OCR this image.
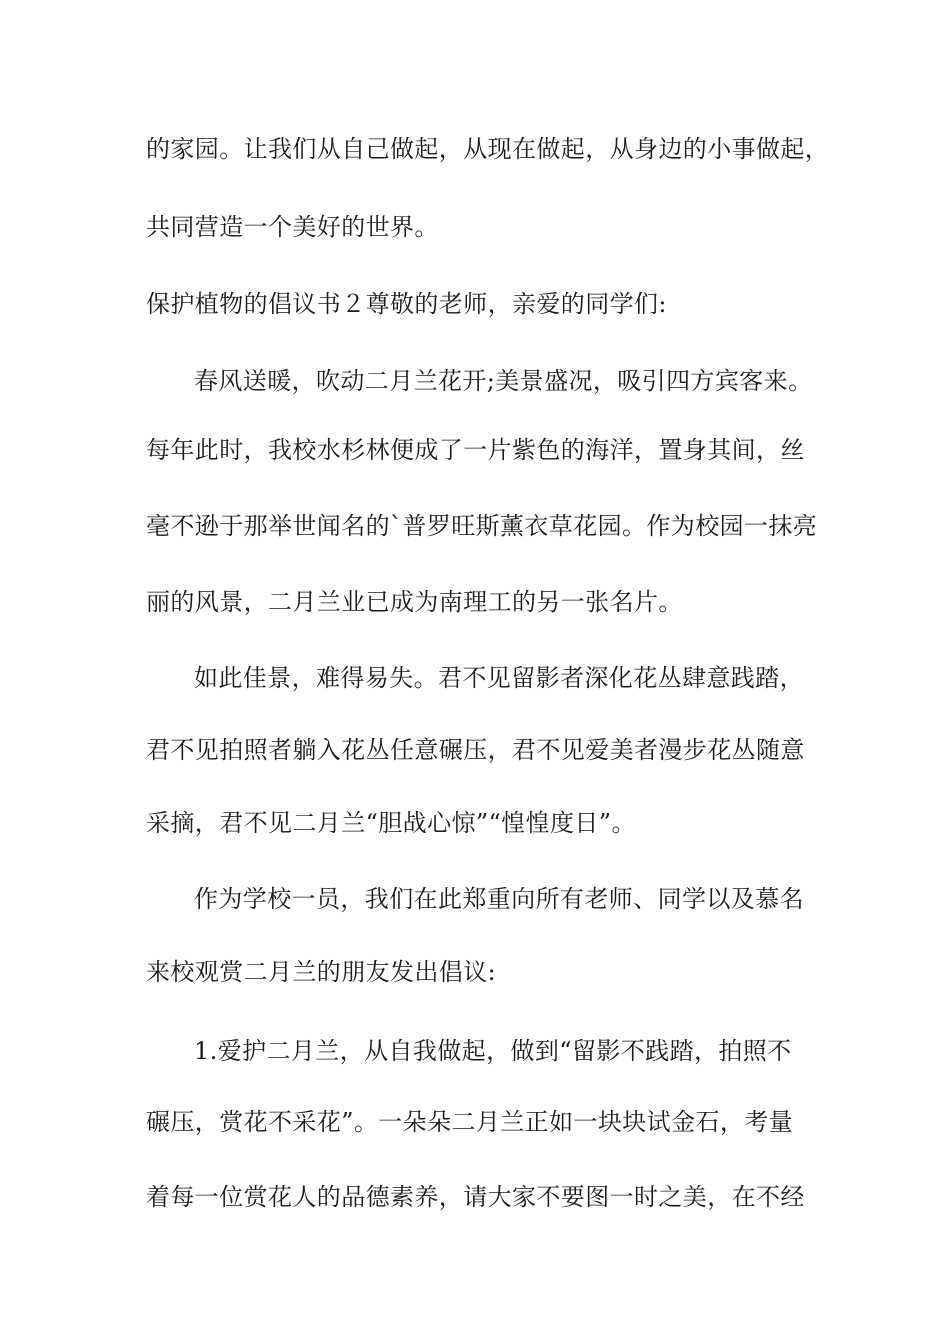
的家园。让我们从自己做起，从现在做起，从身边的小事做起，
共同营造一个美好的世界。
保护植物的倡议书２尊敬的老师，亲爱的同学们:
春风送暖，吹动二月兰花开;美景盛况，吸引四方宾客来。
每年此时，我校水杉林便成了一片紫色的海洋，置身其间，丝
毫不逊于那举世闻名的`普罗旺斯薰衣草花园。作为校园一抹亮
丽的风景，二月兰业已成为南理工的另一张名片。
如此佳景，难得易失。君不见留影者深化花丛肆意践踏，
君不见拍照者躺入花丛任意碾压，君不见爱美者漫步花丛随意
采摘，君不见二月兰“胆战心惊”“惶惶度日”。
作为学校一员，我们在此郑重向所有老师、同学以及慕名
来校观赏二月兰的朋友发出倡议:
1.爱护二月兰，从自我做起，做到“留影不践踏，拍照不
碾压，赏花不采花”。一朵朵二月兰正如一块块试金石，考量
着每一位赏花人的品德素养，请大家不要图一时之美，在不经
